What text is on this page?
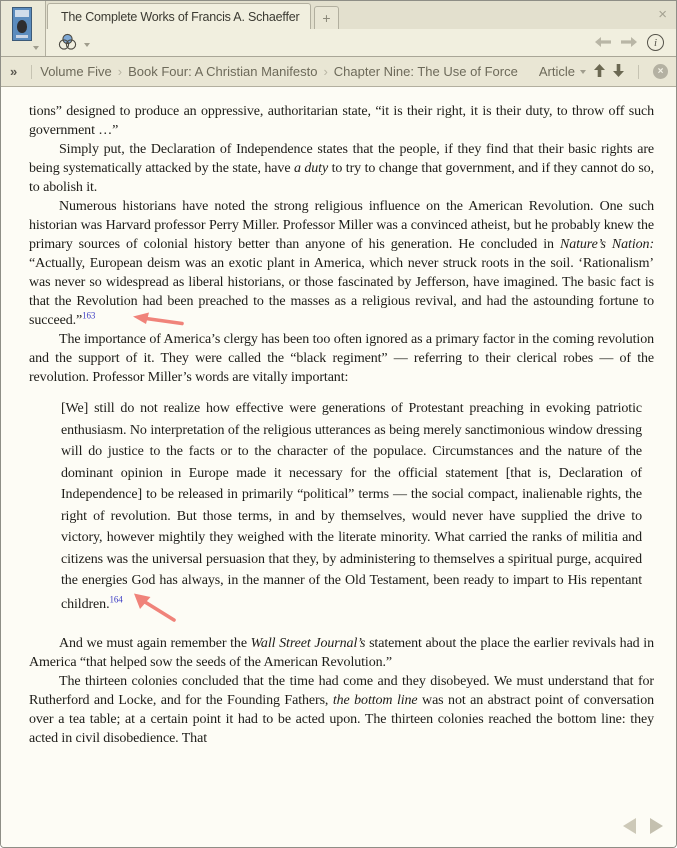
The Complete Works of Francis A. Schaeffer +	×
i
»	Volume Five › Book Four: A Christian Manifesto › Chapter Nine: The Use of Force Article	×

tions” designed to produce an oppressive, authoritarian state, “it is their right, it is their duty, to throw off such government …”

Simply put, the Declaration of Independence states that the people, if they find that their basic rights are being systematically attacked by the state, have a duty to try to change that government, and if they cannot do so, to abolish it.

Numerous historians have noted the strong religious influence on the American Revolution. One such historian was Harvard professor Perry Miller. Professor Miller was a convinced atheist, but he probably knew the primary sources of colonial history better than anyone of his generation. He concluded in Nature’s Nation: “Actually, European deism was an exotic plant in America, which never struck roots in the soil. ‘Rationalism’ was never so widespread as liberal historians, or those fascinated by Jefferson, have imagined. The basic fact is that the Revolution had been preached to the masses as a religious revival, and had the astounding fortune to succeed.”$^{163}$

The importance of America’s clergy has been too often ignored as a primary factor in the coming revolution and the support of it. They were called the “black regiment” — referring to their clerical robes — of the revolution. Professor Miller’s words are vitally important:

[We] still do not realize how effective were generations of Protestant preaching in evoking patriotic enthusiasm. No interpretation of the religious utterances as being merely sanctimonious window dressing will do justice to the facts or to the character of the populace. Circumstances and the nature of the dominant opinion in Europe made it necessary for the official statement [that is, Declaration of Independence] to be released in primarily “political” terms — the social compact, inalienable rights, the right of revolution. But those terms, in and by themselves, would never have supplied the drive to victory, however mightily they weighed with the literate minority. What carried the ranks of militia and citizens was the universal persuasion that they, by administering to themselves a spiritual purge, acquired the energies God has always, in the manner of the Old Testament, been ready to impart to His repentant children.$^{164}$

And we must again remember the Wall Street Journal’s statement about the place the earlier revivals had in America “that helped sow the seeds of the American Revolution.”

The thirteen colonies concluded that the time had come and they disobeyed. We must understand that for Rutherford and Locke, and for the Founding Fathers, the bottom line was not an abstract point of conversation over a tea table; at a certain point it had to be acted upon. The thirteen colonies reached the bottom line: they acted in civil disobedience. That
